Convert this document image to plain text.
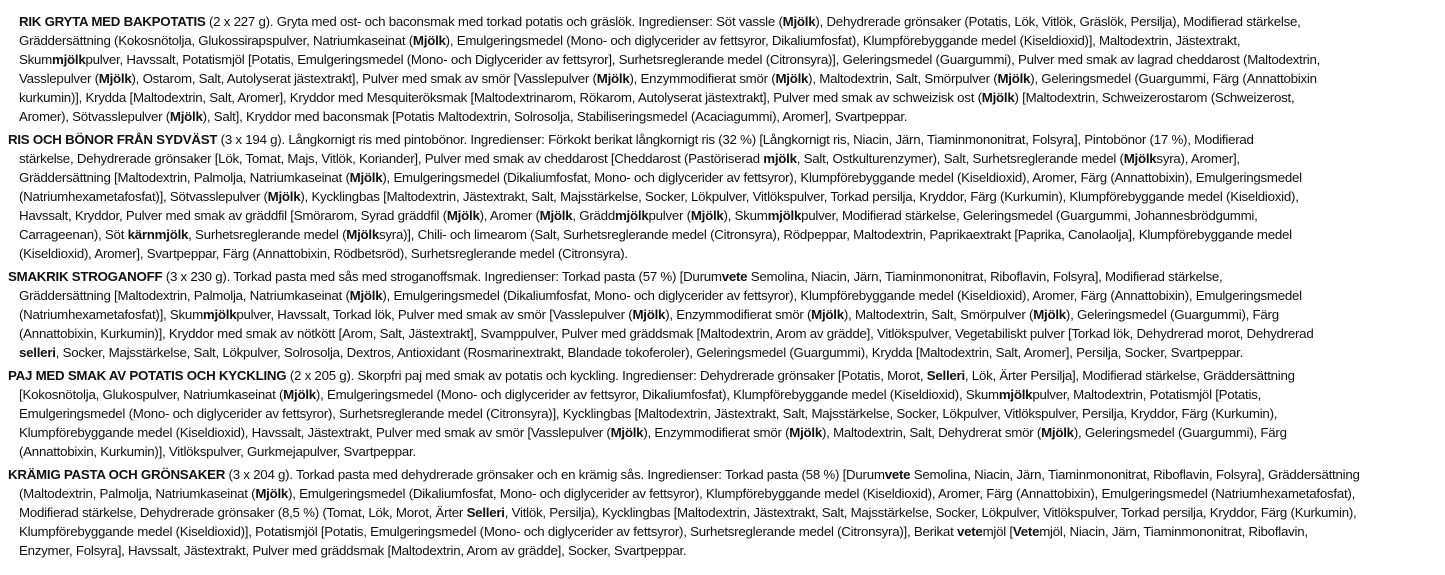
RIK GRYTA MED BAKPOTATIS (2 x 227 g). Gryta med ost- och baconsmak med torkad potatis och gräslök. Ingredienser: Söt vassle (Mjölk), Dehydrerade grönsaker (Potatis, Lök, Vitlök, Gräslök, Persilja), Modifierad stärkelse,
Gräddersättning (Kokosnötolja, Glukossirapspulver, Natriumkaseinat (Mjölk), Emulgeringsmedel (Mono- och diglycerider av fettsyror, Dikaliumfosfat), Klumpförebyggande medel (Kiseldioxid)], Maltodextrin, Jästextrakt,
Skummjölkpulver, Havssalt, Potatismjöl [Potatis, Emulgeringsmedel (Mono- och Diglycerider av fettsyror], Surhetsreglerande medel (Citronsyra)], Geleringsmedel (Guargummi), Pulver med smak av lagrad cheddarost (Maltodextrin,
Vasslepulver (Mjölk), Ostarom, Salt, Autolyserat jästextrakt], Pulver med smak av smör [Vasslepulver (Mjölk), Enzymmodifierat smör (Mjölk), Maltodextrin, Salt, Smörpulver (Mjölk), Geleringsmedel (Guargummi, Färg (Annattobixin
kurkumin)], Krydda [Maltodextrin, Salt, Aromer], Kryddor med Mesquiteröksmak [Maltodextrinarom, Rökarom, Autolyserat jästextrakt], Pulver med smak av schweizisk ost (Mjölk) [Maltodextrin, Schweizerostarom (Schweizerost,
Aromer), Sötvasslepulver (Mjölk), Salt], Kryddor med baconsmak [Potatis Maltodextrin, Solrosolja, Stabiliseringsmedel (Acaciagummi), Aromer], Svartpeppar.
RIS OCH BÖNOR FRÅN SYDVÄST (3 x 194 g). Långkornigt ris med pintobönor. Ingredienser: Förkokt berikat långkornigt ris (32 %) [Långkornigt ris, Niacin, Järn, Tiaminmononitrat, Folsyra], Pintobönor (17 %), Modifierad
stärkelse, Dehydrerade grönsaker [Lök, Tomat, Majs, Vitlök, Koriander], Pulver med smak av cheddarost [Cheddarost (Pastöriserad mjölk, Salt, Ostkulturenzymer), Salt, Surhetsreglerande medel (Mjölksyra), Aromer],
Gräddersättning [Maltodextrin, Palmolja, Natriumkaseinat (Mjölk), Emulgeringsmedel (Dikaliumfosfat, Mono- och diglycerider av fettsyror), Klumpförebyggande medel (Kiseldioxid), Aromer, Färg (Annattobixin), Emulgeringsmedel
(Natriumhexametafosfat)], Sötvasslepulver (Mjölk), Kycklingbas [Maltodextrin, Jästextrakt, Salt, Majsstärkelse, Socker, Lökpulver, Vitlökspulver, Torkad persilja, Kryddor, Färg (Kurkumin), Klumpförebyggande medel (Kiseldioxid),
Havssalt, Kryddor, Pulver med smak av gräddfil [Smörarom, Syrad gräddfil (Mjölk), Aromer (Mjölk, Gräddmjölkpulver (Mjölk), Skummjölkpulver, Modifierad stärkelse, Geleringsmedel (Guargummi, Johannesbrödgummi,
Carrageenan), Söt kärnmjölk, Surhetsreglerande medel (Mjölksyra)], Chili- och limearom (Salt, Surhetsreglerande medel (Citronsyra), Rödpeppar, Maltodextrin, Paprikaextrakt [Paprika, Canolaolja], Klumpförebyggande medel
(Kiseldioxid), Aromer], Svartpeppar, Färg (Annattobixin, Rödbetsröd), Surhetsreglerande medel (Citronsyra).
SMAKRIK STROGANOFF (3 x 230 g). Torkad pasta med sås med stroganoffsmak. Ingredienser: Torkad pasta (57 %) [Durumvete Semolina, Niacin, Järn, Tiaminmononitrat, Riboflavin, Folsyra], Modifierad stärkelse,
Gräddersättning [Maltodextrin, Palmolja, Natriumkaseinat (Mjölk), Emulgeringsmedel (Dikaliumfosfat, Mono- och diglycerider av fettsyror), Klumpförebyggande medel (Kiseldioxid), Aromer, Färg (Annattobixin), Emulgeringsmedel
(Natriumhexametafosfat)], Skummjölkpulver, Havssalt, Torkad lök, Pulver med smak av smör [Vasslepulver (Mjölk), Enzymmodifierat smör (Mjölk), Maltodextrin, Salt, Smörpulver (Mjölk), Geleringsmedel (Guargummi), Färg
(Annattobixin, Kurkumin)], Kryddor med smak av nötkött [Arom, Salt, Jästextrakt], Svamppulver, Pulver med gräddsmak [Maltodextrin, Arom av grädde], Vitlökspulver, Vegetabiliskt pulver [Torkad lök, Dehydrerad morot, Dehydrerad
selleri, Socker, Majsstärkelse, Salt, Lökpulver, Solrosolja, Dextros, Antioxidant (Rosmarinextrakt, Blandade tokoferoler), Geleringsmedel (Guargummi), Krydda [Maltodextrin, Salt, Aromer], Persilja, Socker, Svartpeppar.
PAJ MED SMAK AV POTATIS OCH KYCKLING (2 x 205 g). Skorpfri paj med smak av potatis och kyckling. Ingredienser: Dehydrerade grönsaker [Potatis, Morot, Selleri, Lök, Ärter Persilja], Modifierad stärkelse, Gräddersättning
[Kokosnötolja, Glukospulver, Natriumkaseinat (Mjölk), Emulgeringsmedel (Mono- och diglycerider av fettsyror, Dikaliumfosfat), Klumpförebyggande medel (Kiseldioxid), Skummjölkpulver, Maltodextrin, Potatismjöl [Potatis,
Emulgeringsmedel (Mono- och diglycerider av fettsyror), Surhetsreglerande medel (Citronsyra)], Kycklingbas [Maltodextrin, Jästextrakt, Salt, Majsstärkelse, Socker, Lökpulver, Vitlökspulver, Persilja, Kryddor, Färg (Kurkumin),
Klumpförebyggande medel (Kiseldioxid), Havssalt, Jästextrakt, Pulver med smak av smör [Vasslepulver (Mjölk), Enzymmodifierat smör (Mjölk), Maltodextrin, Salt, Dehydrerat smör (Mjölk), Geleringsmedel (Guargummi), Färg
(Annattobixin, Kurkumin)], Vitlökspulver, Gurkmejapulver, Svartpeppar.
KRÄMIG PASTA OCH GRÖNSAKER (3 x 204 g). Torkad pasta med dehydrerade grönsaker och en krämig sås. Ingredienser: Torkad pasta (58 %) [Durumvete Semolina, Niacin, Järn, Tiaminmononitrat, Riboflavin, Folsyra], Gräddersättning
(Maltodextrin, Palmolja, Natriumkaseinat (Mjölk), Emulgeringsmedel (Dikaliumfosfat, Mono- och diglycerider av fettsyror), Klumpförebyggande medel (Kiseldioxid), Aromer, Färg (Annattobixin), Emulgeringsmedel (Natriumhexametafosfat),
Modifierad stärkelse, Dehydrerade grönsaker (8,5 %) (Tomat, Lök, Morot, Ärter Selleri, Vitlök, Persilja), Kycklingbas [Maltodextrin, Jästextrakt, Salt, Majsstärkelse, Socker, Lökpulver, Vitlökspulver, Torkad persilja, Kryddor, Färg (Kurkumin),
Klumpförebyggande medel (Kiseldioxid)], Potatismjöl [Potatis, Emulgeringsmedel (Mono- och diglycerider av fettsyror), Surhetsreglerande medel (Citronsyra)], Berikat vetemjöl [Vetemjöl, Niacin, Järn, Tiaminmononitrat, Riboflavin,
Enzymer, Folsyra], Havssalt, Jästextrakt, Pulver med gräddsmak [Maltodextrin, Arom av grädde], Socker, Svartpeppar.
